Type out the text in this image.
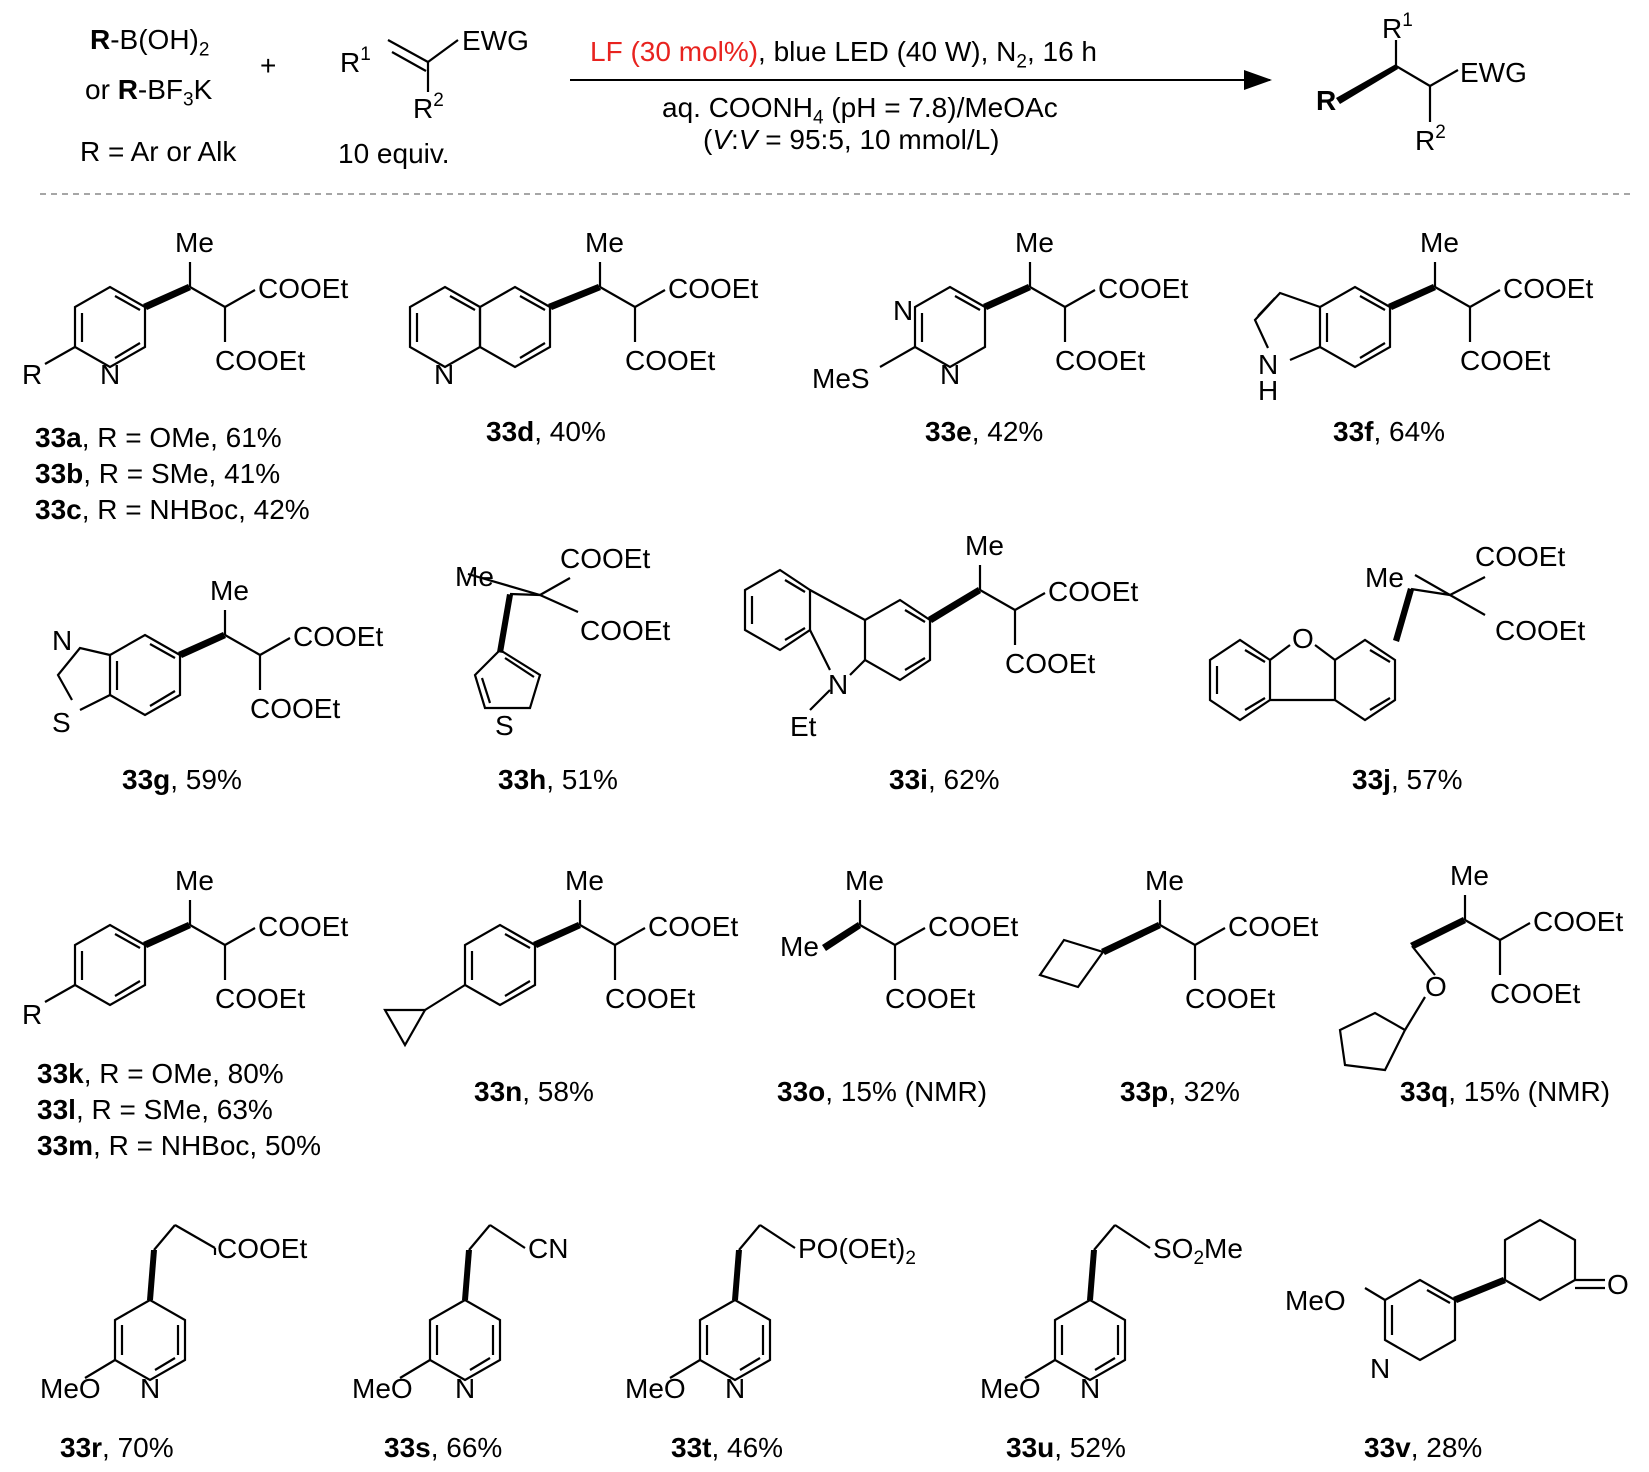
$R-B(OH)_2$
or $R-BF_3K$
R = Ar or Alk
+
10 equiv.
LF (30 mol%), blue LED (40 W), $N_2$, 16 h
aq. $COONH_4$ (pH = 7.8)/MeOAc
(V:V = 95:5, 10 mmol/L)
$R^1$	EWG
$R^2$	R
$R^1$
EWG
$R^2$
Me
COOEt
COOEt
R N
Me
COOEt
COOEt
N
Me
COOEt
COOEt
N
N
MeS
Me
COOEt
COOEt
N
H
Me
COOEt
COOEt
N
S
Me
COOEt
COOEt
S
Me
COOEt
COOEt
N
Et
Me
COOEt
COOEt
O
Me
COOEt
COOEt
R
Me
COOEt
COOEt
Me
Me
COOEt
COOEt
Me
COOEt
COOEt
Me
COOEt
COOEt
O
COOEt
MeO N
CN
MeO N
$PO(OEt)_2$
MeO N
$SO_2Me$
MeO N
MeO
N
O
33a, R = OMe, 61%
33b, R = SMe, 41%
33c, R = NHBoc, 42%
33d, 40%	33e, 42%	33f, 64%
33g, 59%	33h, 51%	33i, 62%	33j, 57%
33k, R = OMe, 80%
33l, R = SMe, 63%
33m, R = NHBoc, 50%
33n, 58%	33o, 15% (NMR)	33p, 32%	33q, 15% (NMR)
33r, 70%	33s, 66%	33t, 46%	33u, 52%	33v, 28%
